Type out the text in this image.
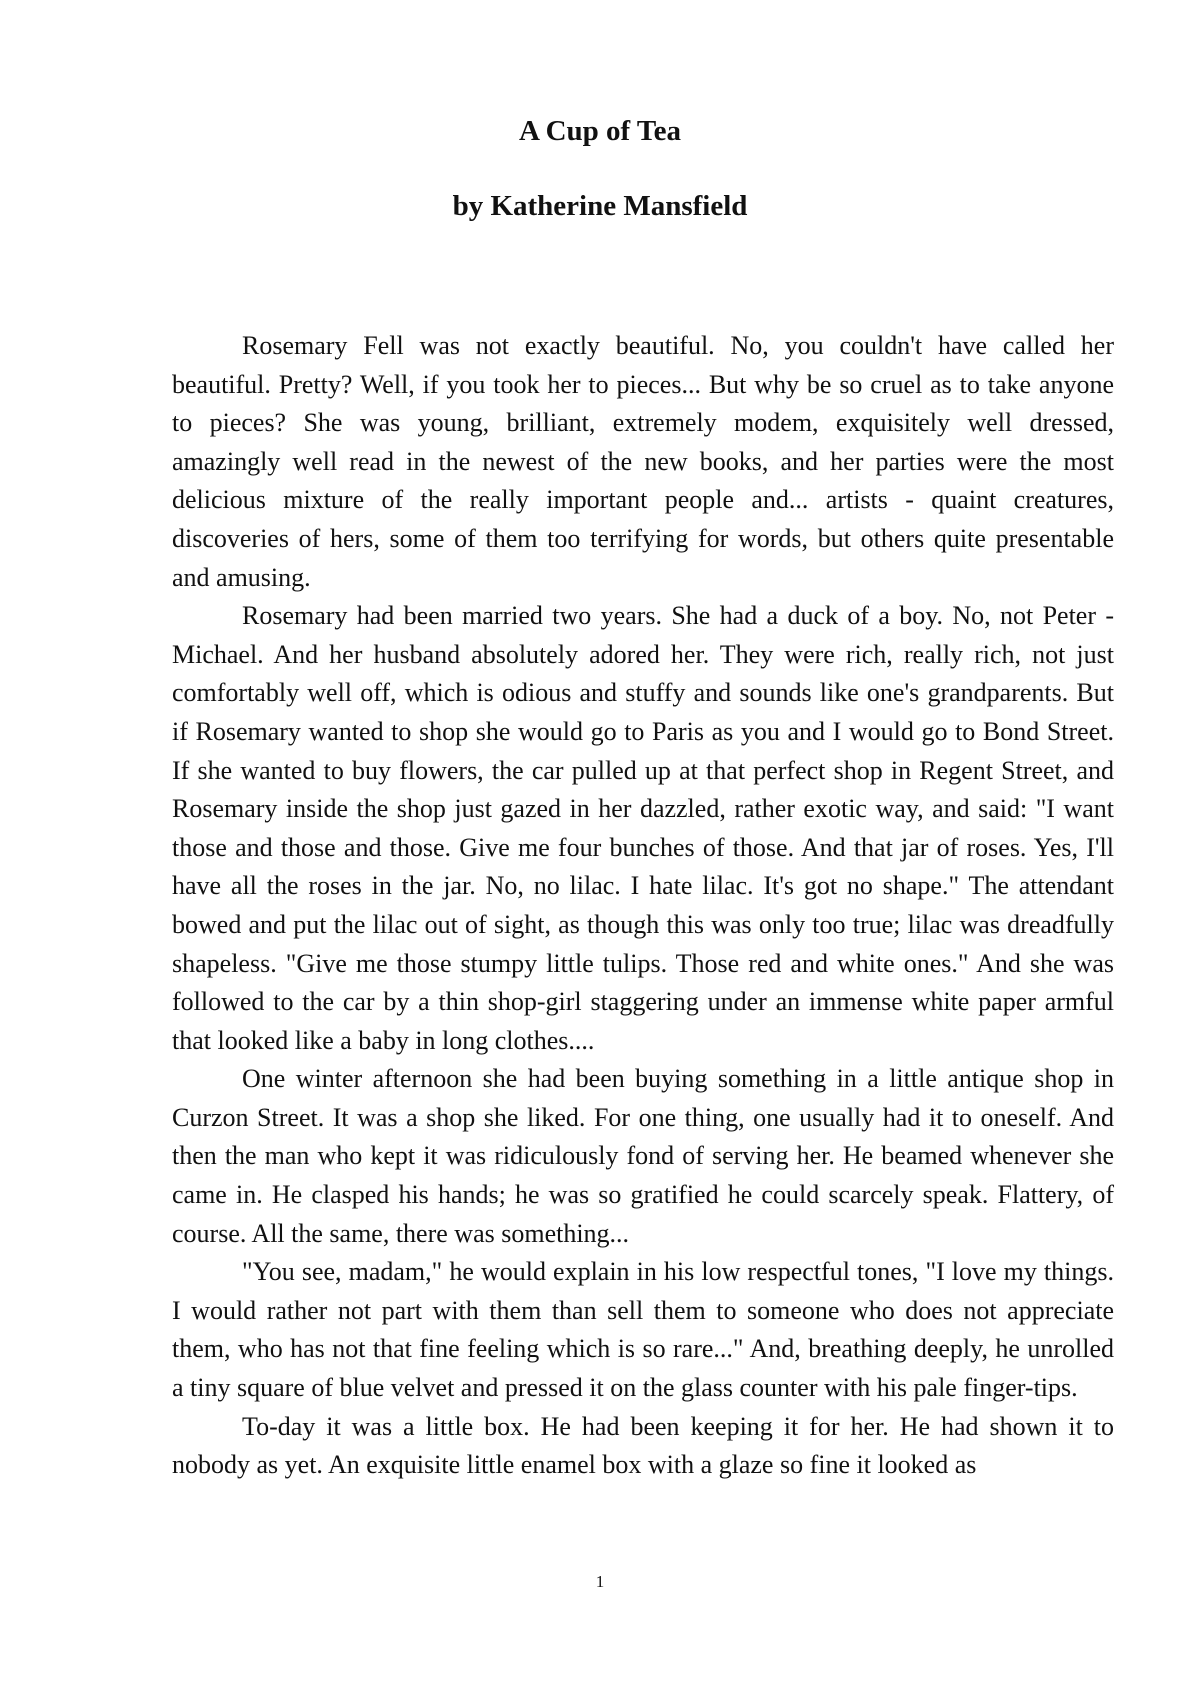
A Cup of Tea
by Katherine Mansfield

Rosemary Fell was not exactly beautiful. No, you couldn't have called her beautiful. Pretty? Well, if you took her to pieces... But why be so cruel as to take anyone to pieces? She was young, brilliant, extremely modem, exquisitely well dressed, amazingly well read in the newest of the new books, and her parties were the most delicious mixture of the really important people and... artists - quaint creatures, discoveries of hers, some of them too terrifying for words, but others quite presentable and amusing.

Rosemary had been married two years. She had a duck of a boy. No, not Peter - Michael. And her husband absolutely adored her. They were rich, really rich, not just comfortably well off, which is odious and stuffy and sounds like one's grandparents. But if Rosemary wanted to shop she would go to Paris as you and I would go to Bond Street. If she wanted to buy flowers, the car pulled up at that perfect shop in Regent Street, and Rosemary inside the shop just gazed in her dazzled, rather exotic way, and said: "I want those and those and those. Give me four bunches of those. And that jar of roses. Yes, I'll have all the roses in the jar. No, no lilac. I hate lilac. It's got no shape." The attendant bowed and put the lilac out of sight, as though this was only too true; lilac was dreadfully shapeless. "Give me those stumpy little tulips. Those red and white ones." And she was followed to the car by a thin shop-girl staggering under an immense white paper armful that looked like a baby in long clothes....

One winter afternoon she had been buying something in a little antique shop in Curzon Street. It was a shop she liked. For one thing, one usually had it to oneself. And then the man who kept it was ridiculously fond of serving her. He beamed whenever she came in. He clasped his hands; he was so gratified he could scarcely speak. Flattery, of course. All the same, there was something...

"You see, madam," he would explain in his low respectful tones, "I love my things. I would rather not part with them than sell them to someone who does not appreciate them, who has not that fine feeling which is so rare..." And, breathing deeply, he unrolled a tiny square of blue velvet and pressed it on the glass counter with his pale finger-tips.

To-day it was a little box. He had been keeping it for her. He had shown it to nobody as yet. An exquisite little enamel box with a glaze so fine it looked as

1
